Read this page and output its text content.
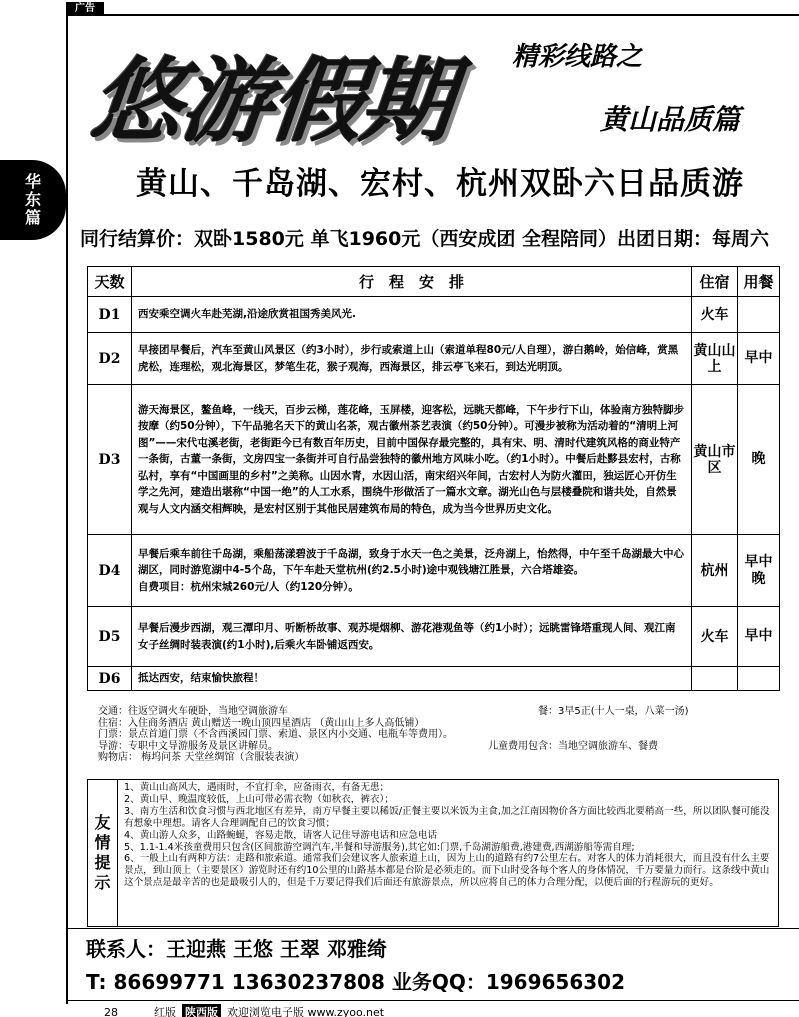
广告
华
东
篇
悠游假期 精彩线路之
黄山品质篇
黄山、千岛湖、宏村、杭州双卧六日品质游
同行结算价：双卧1580元 单飞1960元（西安成团 全程陪同）出团日期：每周六
天数	行　程　安　排	住宿	用餐
D1	西安乘空调火车赴芜湖,沿途欣赏祖国秀美风光.	火车	
D2	早接团早餐后，汽车至黄山风景区（约3小时），步行或索道上山（索道单程80元/人自理），游白鹅岭，始信峰，赏黑虎松，连理松，观北海景区，梦笔生花，猴子观海，西海景区，排云亭飞来石，到达光明顶。	黄山山上	早中
D3	游天海景区，鳌鱼峰，一线天，百步云梯，莲花峰，玉屏楼，迎客松，远眺天都峰，下午步行下山，体验南方独特脚步按摩（约50分钟），下午品驰名天下的黄山名茶，观古徽州茶艺表演（约50分钟）。可漫步被称为活动着的“清明上河图”——宋代屯溪老街，老街距今已有数百年历史，目前中国保存最完整的，具有宋、明、清时代建筑风格的商业特产一条街，古董一条街，文房四宝一条街并可自行品尝独特的徽州地方风味小吃。（约1小时）。中餐后赴黟县宏村，古称弘村，享有“中国画里的乡村”之美称。山因水青，水因山活，南宋绍兴年间，古宏村人为防火灌田，独运匠心开仿生学之先河，建造出堪称“中国一绝”的人工水系，围绕牛形做活了一篇水文章。湖光山色与层楼叠院和谐共处，自然景观与人文内涵交相辉映，是宏村区别于其他民居建筑布局的特色，成为当今世界历史文化。	黄山市区	晚
D4	早餐后乘车前往千岛湖，乘船荡漾碧波于千岛湖，致身于水天一色之美景，泛舟湖上，怡然得，中午至千岛湖最大中心湖区，同时游览湖中4-5个岛，下午车赴天堂杭州(约2.5小时)途中观钱塘江胜景，六合塔雄姿。
自费项目：杭州宋城260元/人（约120分钟）。	杭州	早中晚
D5	早餐后漫步西湖，观三潭印月、听断桥故事、观苏堤烟柳、游花港观鱼等（约1小时）；远眺雷锋塔重现人间、观江南女子丝绸时装表演(约1小时),后乘火车卧铺返西安。	火车	早中
D6	抵达西安，结束愉快旅程！		
交通：往返空调火车硬卧，当地空调旅游车	餐：3早5正(十人一桌，八菜一汤)
住宿：入住商务酒店 黄山赠送一晚山顶四星酒店 （黄山山上多人高低铺）
门票：景点首道门票（不含西溪园门票、索道、景区内小交通、电瓶车等费用）。
导游：专职中文导游服务及景区讲解员。	儿童费用包含：当地空调旅游车、餐费
购物店： 梅坞问茶 天堂丝绸馆（含服装表演）
友
情
提
示
1、黄山山高风大，遇雨时，不宜打伞，应备雨衣，有备无患；
2、黄山早、晚温度较低，上山可带必需衣物（如秋衣，裤衣）；
3、南方生活和饮食习惯与西北地区有差异，南方早餐主要以稀饭/正餐主要以米饭为主食,加之江南因物价各方面比较西北要稍高一些，所以团队餐可能没有想象中理想。请客人合理调配自己的饮食习惯；
4、黄山游人众多，山路蜿蜒，容易走散，请客人记住导游电话和应急电话
5、1.1-1.4米孩童费用只包含(区间旅游空调汽车,半餐和导游服务),其它如:门票,千岛湖游船费,港建费,西湖游船等需自理;
6、一般上山有两种方法：走路和旅索道。通常我们会建议客人旅索道上山，因为上山的道路有约7公里左右。对客人的体力消耗很大，而且没有什么主要景点，到山顶上（主要景区）游览时还有约10公里的山路基本都是台阶是必须走的。而下山时受各每个客人的身体情况，千万要量力而行。这条线中黄山这个景点是最辛苦的也是最吸引人的，但是千万要记得我们后面还有旅游景点，所以应将自己的体力合理分配，以便后面的行程游玩的更好。
联系人：王迎燕 王悠 王翠 邓雅绮
T: 86699771 13630237808 业务QQ：1969656302
28	红版 陕西版 欢迎浏览电子版 www.zyoo.net
